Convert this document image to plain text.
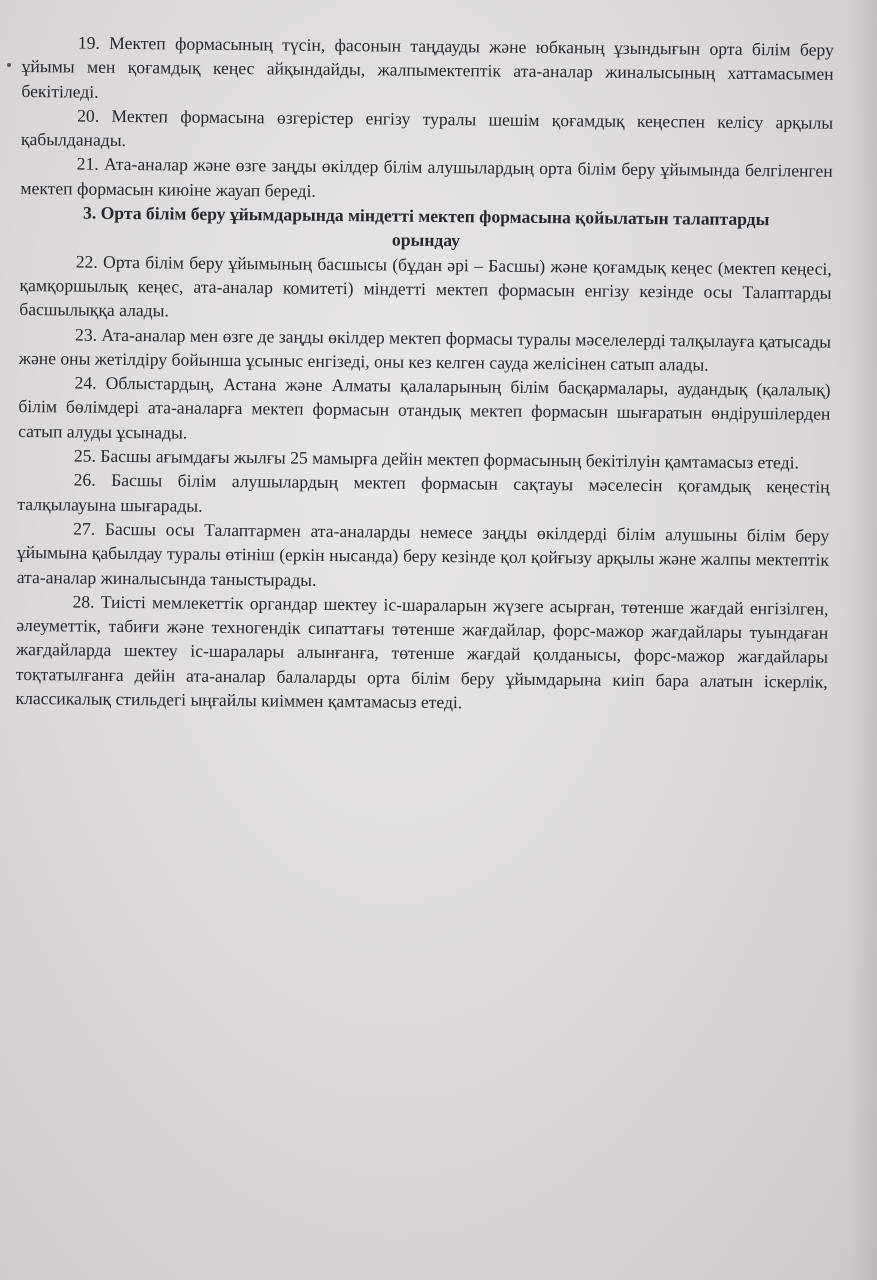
19. Мектеп формасының түсін, фасонын таңдауды және юбканың ұзындығын орта білім беру ұйымы мен қоғамдық кеңес айқындайды, жалпымектептік ата-аналар жиналысының хаттамасымен бекітіледі.

20. Мектеп формасына өзгерістер енгізу туралы шешім қоғамдық кеңеспен келісу арқылы қабылданады.

21. Ата-аналар және өзге заңды өкілдер білім алушылардың орта білім беру ұйымында белгіленген мектеп формасын киюіне жауап береді.

3. Орта білім беру ұйымдарында міндетті мектеп формасына қойылатын талаптарды орындау

22. Орта білім беру ұйымының басшысы (бұдан әрі – Басшы) және қоғамдық кеңес (мектеп кеңесі, қамқоршылық кеңес, ата-аналар комитеті) міндетті мектеп формасын енгізу кезінде осы Талаптарды басшылыққа алады.

23. Ата-аналар мен өзге де заңды өкілдер мектеп формасы туралы мәселелерді талқылауға қатысады және оны жетілдіру бойынша ұсыныс енгізеді, оны кез келген сауда желісінен сатып алады.

24. Облыстардың, Астана және Алматы қалаларының білім басқармалары, аудандық (қалалық) білім бөлімдері ата-аналарға мектеп формасын отандық мектеп формасын шығаратын өндірушілерден сатып алуды ұсынады.

25. Басшы ағымдағы жылғы 25 мамырға дейін мектеп формасының бекітілуін қамтамасыз етеді.

26. Басшы білім алушылардың мектеп формасын сақтауы мәселесін қоғамдық кеңестің талқылауына шығарады.

27. Басшы осы Талаптармен ата-аналарды немесе заңды өкілдерді білім алушыны білім беру ұйымына қабылдау туралы өтініш (еркін нысанда) беру кезінде қол қойғызу арқылы және жалпы мектептік ата-аналар жиналысында таныстырады.

28. Тиісті мемлекеттік органдар шектеу іс-шараларын жүзеге асырған, төтенше жағдай енгізілген, әлеуметтік, табиғи және техногендік сипаттағы төтенше жағдайлар, форс-мажор жағдайлары туындаған жағдайларда шектеу іс-шаралары алынғанға, төтенше жағдай қолданысы, форс-мажор жағдайлары тоқтатылғанға дейін ата-аналар балаларды орта білім беру ұйымдарына киіп бара алатын іскерлік, классикалық стильдегі ыңғайлы киіммен қамтамасыз етеді.
